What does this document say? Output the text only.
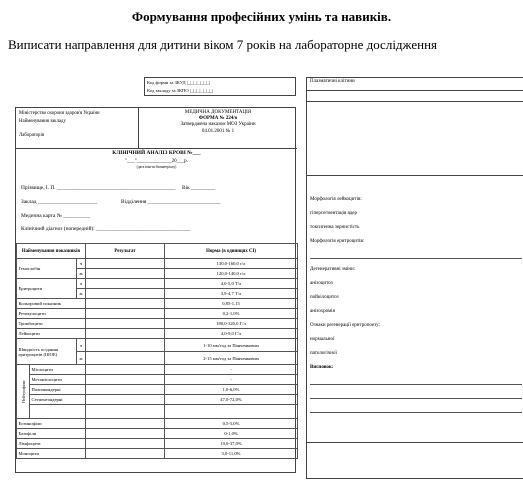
Формування професійних умінь та навиків.
Виписати направлення для дитини віком 7 років на лабораторне дослідження
Код форми за ЗКУД |_|_|_|_|_|_|_|
Код закладу за ЗКПО |_|_|_|_|_|_|_|
Міністерство охорони здоров'я України
Найменування закладу
Лабораторія
МЕДИЧНА ДОКУМЕНТАЦІЯ
ФОРМА № 224/о
Затверджена наказом МОЗ України
04.01.2001 № 1
КЛІНІЧНИЙ АНАЛІЗ КРОВІ №___
"___"______________20___р.
(дата взяття біоматеріалу)
Прізвище, І. П. ____________________________________________ Вік _________
Заклад ______________________	Відділення ___________________________
Медична карта № __________
Клінічний діагноз (попередній): ___________________________________
Найменування показників			Результат	Норма (в одиницях СІ)
Гемоглобін		ч		130,0-160,0 г/л
		ж		120,0-140,0 г/л
Еритроцити		ч		4,0-5,0 Т/л
		ж		3,9-4,7 Т/л
Кольоровий показник				0,85-1,15
Ретикулоцити				0,2-1,0%
Тромбоцити				180,0-320,0 Г/л
Лейкоцити				4,0-9,0 Г/л
Швидкість осідання еритроцитів (ШОЕ)		ч		1-10 мм/год за Панченковим
		ж		2-15 мм/год за Панченковим
Нейтрофіли	Мієлоцити			-
	Метамієлоцити			-
	Паличкоядерні			1,0-6,0%
	Сегментоядерні			47,0-72,0%

Еозинофіли				0,5-5,0%
Базофіли				0-1,0%
Лімфоцити				19,0-37,0%
Моноцити				3,0-11,0%
Плазматичні клітини
Морфологія лейкоцитів:
гіперсегментація ядер
токсигенна зернистість
Морфологія еритроцитів:
Дегенеративні зміни:
анізоцитоз
пойкілоцитоз
анізохромія
Ознаки регенерації еритропоезу:
нормальної
патологічної
Висновок:
